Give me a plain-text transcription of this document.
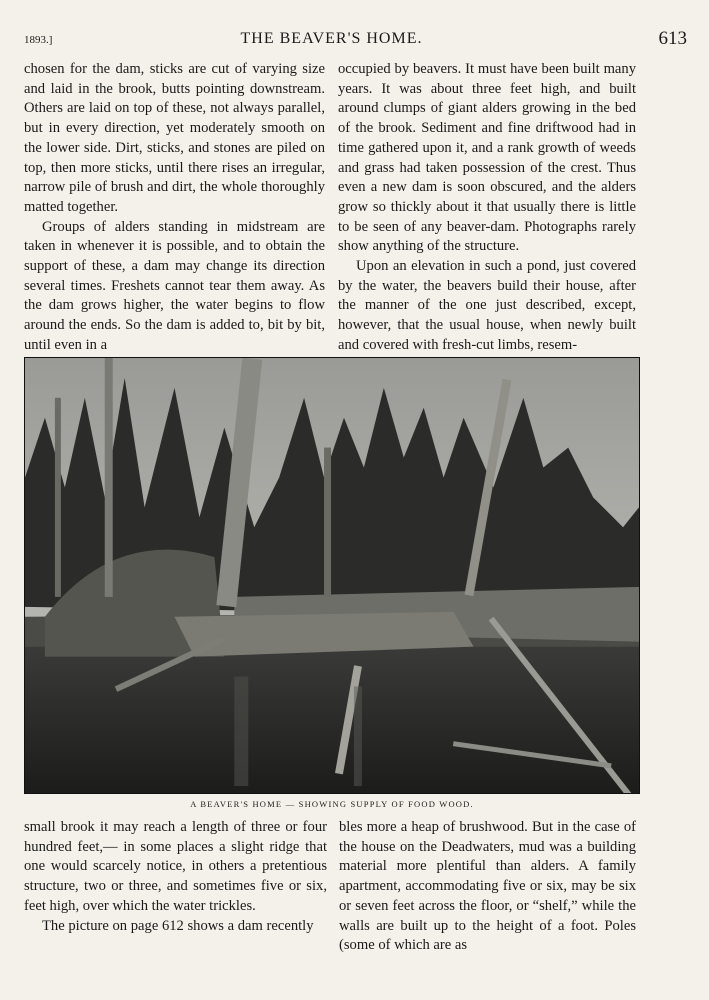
1893.]	THE BEAVER'S HOME.	613

chosen for the dam, sticks are cut of varying size and laid in the brook, butts pointing downstream. Others are laid on top of these, not always parallel, but in every direction, yet moderately smooth on the lower side. Dirt, sticks, and stones are piled on top, then more sticks, until there rises an irregular, narrow pile of brush and dirt, the whole thoroughly matted together.

Groups of alders standing in midstream are taken in whenever it is possible, and to obtain the support of these, a dam may change its direction several times. Freshets cannot tear them away. As the dam grows higher, the water begins to flow around the ends. So the dam is added to, bit by bit, until even in a

occupied by beavers. It must have been built many years. It was about three feet high, and built around clumps of giant alders growing in the bed of the brook. Sediment and fine driftwood had in time gathered upon it, and a rank growth of weeds and grass had taken possession of the crest. Thus even a new dam is soon obscured, and the alders grow so thickly about it that usually there is little to be seen of any beaver-dam. Photographs rarely show anything of the structure.

Upon an elevation in such a pond, just covered by the water, the beavers build their house, after the manner of the one just described, except, however, that the usual house, when newly built and covered with fresh-cut limbs, resem-

A BEAVER'S HOME — SHOWING SUPPLY OF FOOD WOOD.

small brook it may reach a length of three or four hundred feet,— in some places a slight ridge that one would scarcely notice, in others a pretentious structure, two or three, and sometimes five or six, feet high, over which the water trickles.

The picture on page 612 shows a dam recently

bles more a heap of brushwood. But in the case of the house on the Deadwaters, mud was a building material more plentiful than alders. A family apartment, accommodating five or six, may be six or seven feet across the floor, or “shelf,” while the walls are built up to the height of a foot. Poles (some of which are as
